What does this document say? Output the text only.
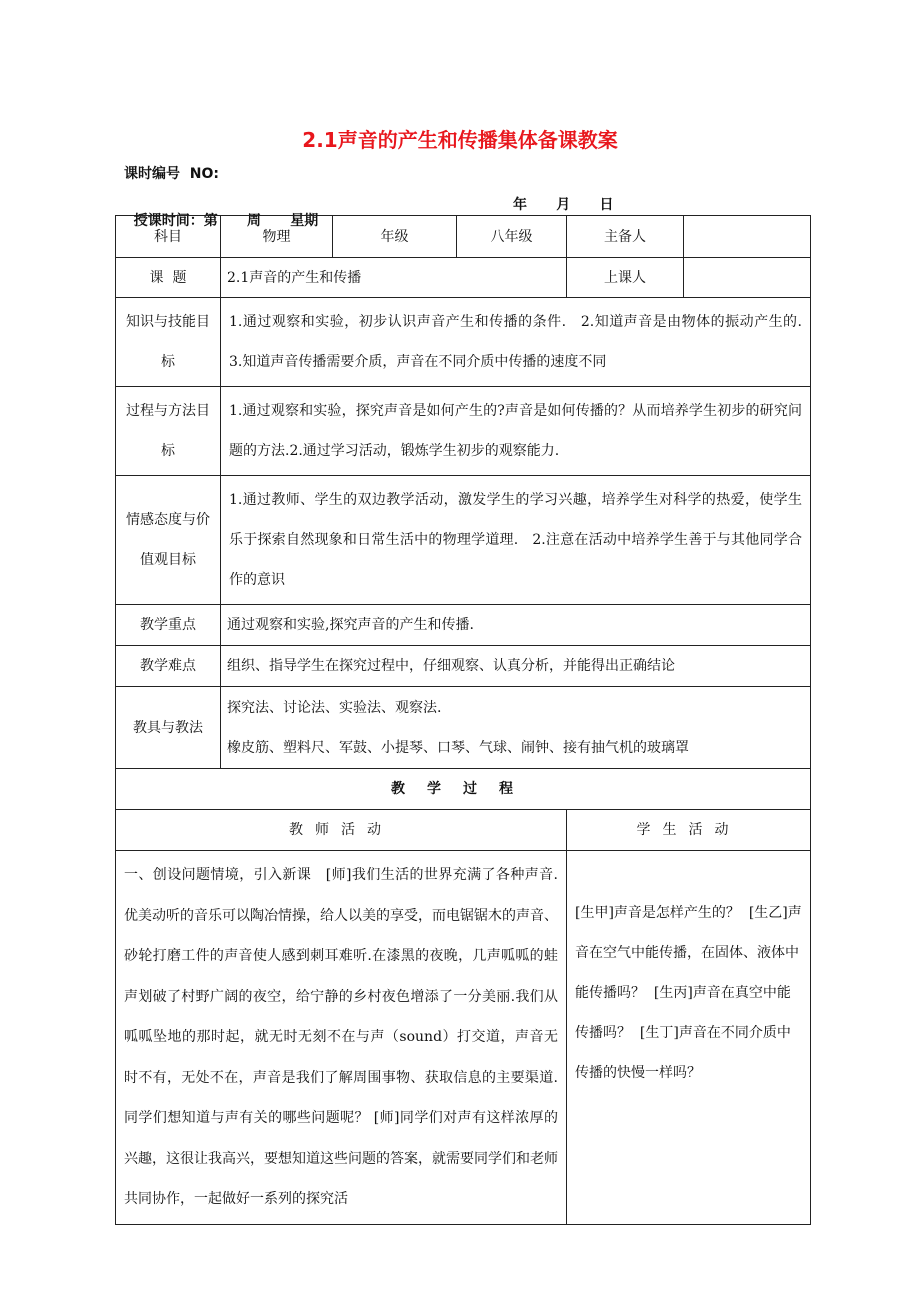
2.1声音的产生和传播集体备课教案
课时编号  NO:

授课时间：第      周      星期

年      月      日

科目	物理	年级	八年级	主备人	
课  题	2.1声音的产生和传播			上课人	
知识与技能目标	1.通过观察和实验，初步认识声音产生和传播的条件.   2.知道声音是由物体的振动产生的.   3.知道声音传播需要介质，声音在不同介质中传播的速度不同				
过程与方法目标	1.通过观察和实验，探究声音是如何产生的?声音是如何传播的？从而培养学生初步的研究问题的方法.2.通过学习活动，锻炼学生初步的观察能力.				
情感态度与价值观目标	1.通过教师、学生的双边教学活动，激发学生的学习兴趣，培养学生对科学的热爱，使学生乐于探索自然现象和日常生活中的物理学道理.   2.注意在活动中培养学生善于与其他同学合作的意识				
教学重点	通过观察和实验,探究声音的产生和传播.				
教学难点	组织、指导学生在探究过程中，仔细观察、认真分析，并能得出正确结论				
教具与教法	探究法、讨论法、实验法、观察法.
橡皮筋、塑料尺、军鼓、小提琴、口琴、气球、闹钟、接有抽气机的玻璃罩				

教学过程					
教师活动				学生活动	
一、创设问题情境，引入新课   [师]我们生活的世界充满了各种声音.优美动听的音乐可以陶冶情操，给人以美的享受，而电锯锯木的声音、砂轮打磨工件的声音使人感到刺耳难听.在漆黑的夜晚，几声呱呱的蛙声划破了村野广阔的夜空，给宁静的乡村夜色增添了一分美丽.我们从呱呱坠地的那时起，就无时无刻不在与声（sound）打交道，声音无时不有，无处不在，声音是我们了解周围事物、获取信息的主要渠道.同学们想知道与声有关的哪些问题呢？ [师]同学们对声有这样浓厚的兴趣，这很让我高兴，要想知道这些问题的答案，就需要同学们和老师共同协作，一起做好一系列的探究活				[生甲]声音是怎样产生的？  [生乙]声音在空气中能传播，在固体、液体中能传播吗？  [生丙]声音在真空中能传播吗？  [生丁]声音在不同介质中传播的快慢一样吗？	
